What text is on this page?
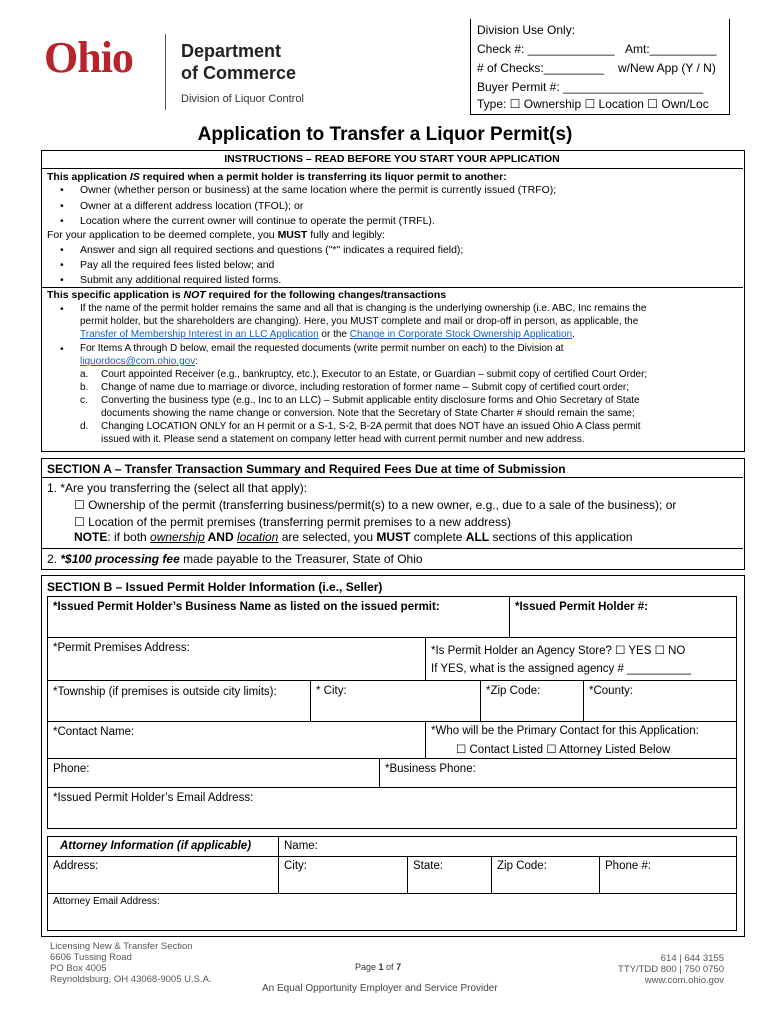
Ohio	Department
of Commerce
Division of Liquor Control
Division Use Only:
Check #: _____________ Amt:__________
# of Checks:_________ w/New App (Y / N)
Buyer Permit #: _____________________
Type: ☐ Ownership ☐ Location ☐ Own/Loc
Application to Transfer a Liquor Permit(s)
INSTRUCTIONS – READ BEFORE YOU START YOUR APPLICATION
This application IS required when a permit holder is transferring its liquor permit to another:
• Owner (whether person or business) at the same location where the permit is currently issued (TRFO);
• Owner at a different address location (TFOL); or
• Location where the current owner will continue to operate the permit (TRFL).
For your application to be deemed complete, you MUST fully and legibly:
• Answer and sign all required sections and questions ("*" indicates a required field);
• Pay all the required fees listed below; and
• Submit any additional required listed forms.
This specific application is NOT required for the following changes/transactions
• If the name of the permit holder remains the same and all that is changing is the underlying ownership (i.e. ABC, Inc remains the
permit holder, but the shareholders are changing). Here, you MUST complete and mail or drop-off in person, as applicable, the
Transfer of Membership Interest in an LLC Application or the Change in Corporate Stock Ownership Application.
• For Items A through D below, email the requested documents (write permit number on each) to the Division at
liquordocs@com.ohio.gov:
a. Court appointed Receiver (e.g., bankruptcy, etc.), Executor to an Estate, or Guardian – submit copy of certified Court Order;
b. Change of name due to marriage or divorce, including restoration of former name – Submit copy of certified court order;
c. Converting the business type (e.g., Inc to an LLC) – Submit applicable entity disclosure forms and Ohio Secretary of State
documents showing the name change or conversion. Note that the Secretary of State Charter # should remain the same;
d. Changing LOCATION ONLY for an H permit or a S-1, S-2, B-2A permit that does NOT have an issued Ohio A Class permit
issued with it. Please send a statement on company letter head with current permit number and new address.
SECTION A – Transfer Transaction Summary and Required Fees Due at time of Submission
1. *Are you transferring the (select all that apply):
☐ Ownership of the permit (transferring business/permit(s) to a new owner, e.g., due to a sale of the business); or
☐ Location of the permit premises (transferring permit premises to a new address)
NOTE: if both ownership AND location are selected, you MUST complete ALL sections of this application
2. *$100 processing fee made payable to the Treasurer, State of Ohio
SECTION B – Issued Permit Holder Information (i.e., Seller)
*Issued Permit Holder’s Business Name as listed on the issued permit:	*Issued Permit Holder #:
*Permit Premises Address:	*Is Permit Holder an Agency Store? ☐ YES ☐ NO
If YES, what is the assigned agency # __________
*Township (if premises is outside city limits):	* City:	*Zip Code:	*County:
*Contact Name:	*Who will be the Primary Contact for this Application:
☐ Contact Listed ☐ Attorney Listed Below
Phone:	*Business Phone:
*Issued Permit Holder’s Email Address:
Attorney Information (if applicable)	Name:
Address:	City:	State:	Zip Code:	Phone #:
Attorney Email Address:
Licensing New & Transfer Section
6606 Tussing Road
PO Box 4005
Reynoldsburg, OH 43068-9005 U.S.A.
Page 1 of 7
An Equal Opportunity Employer and Service Provider
614 | 644 3155
TTY/TDD 800 | 750 0750
www.com.ohio.gov
